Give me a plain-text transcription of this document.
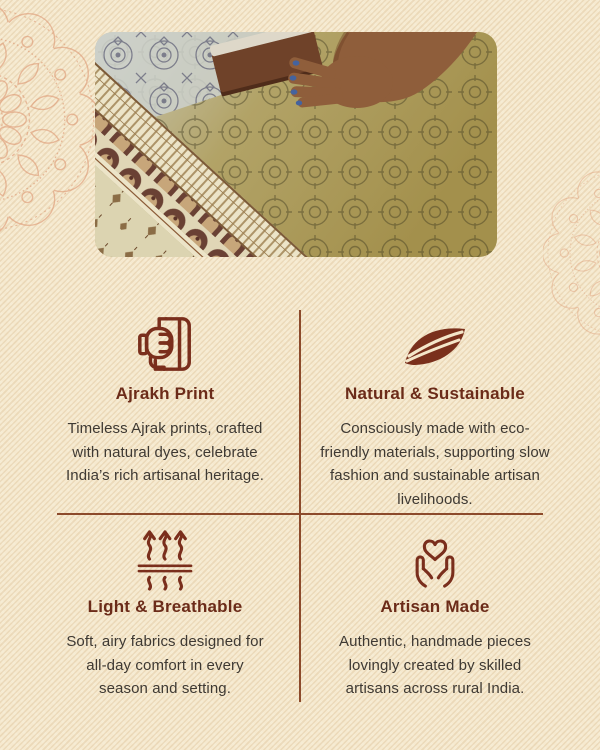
Ajrakh Print

Timeless Ajrak prints, crafted with natural dyes, celebrate India’s rich artisanal heritage.

Natural & Sustainable

Consciously made with eco-friendly materials, supporting slow fashion and sustainable artisan livelihoods.

Light & Breathable

Soft, airy fabrics designed for all-day comfort in every season and setting.

Artisan Made

Authentic, handmade pieces lovingly created by skilled artisans across rural India.
